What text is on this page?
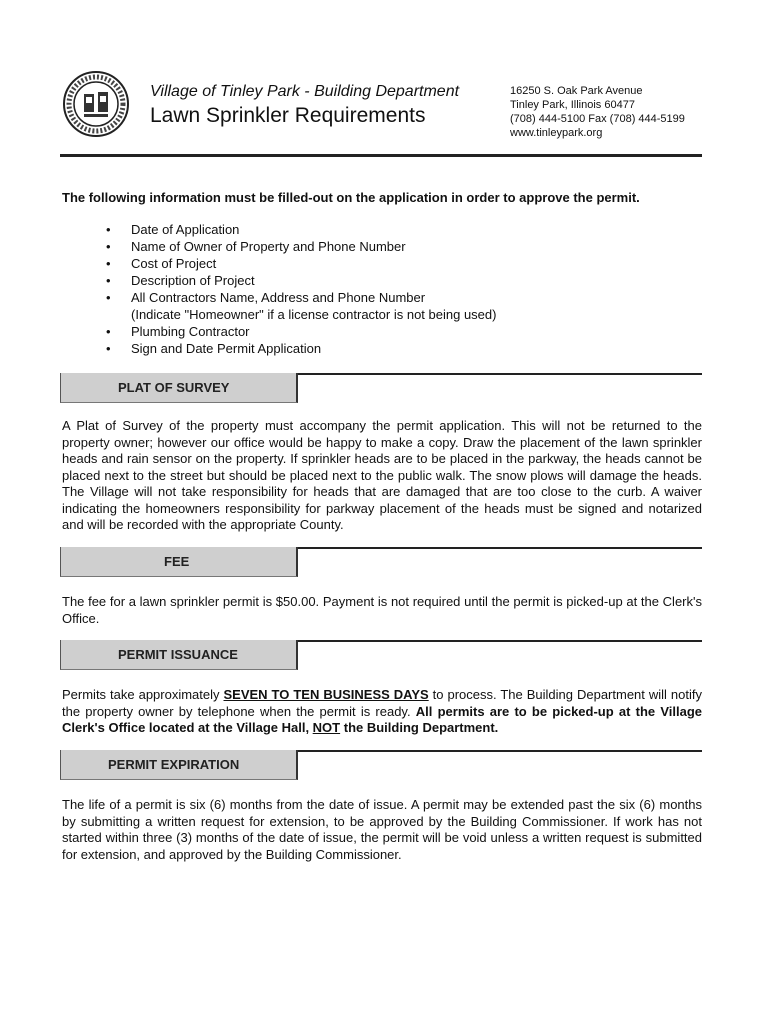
Village of Tinley Park - Building Department
Lawn Sprinkler Requirements
16250 S. Oak Park Avenue
Tinley Park, Illinois 60477
(708) 444-5100 Fax (708) 444-5199
www.tinleypark.org
The following information must be filled-out on the application in order to approve the permit.
• Date of Application
• Name of Owner of Property and Phone Number
• Cost of Project
• Description of Project
• All Contractors Name, Address and Phone Number
(Indicate "Homeowner" if a license contractor is not being used)
• Plumbing Contractor
• Sign and Date Permit Application
PLAT OF SURVEY
A Plat of Survey of the property must accompany the permit application. This will not be returned to the property owner; however our office would be happy to make a copy. Draw the placement of the lawn sprinkler heads and rain sensor on the property. If sprinkler heads are to be placed in the parkway, the heads cannot be placed next to the street but should be placed next to the public walk. The snow plows will damage the heads. The Village will not take responsibility for heads that are damaged that are too close to the curb. A waiver indicating the homeowners responsibility for parkway placement of the heads must be signed and notarized and will be recorded with the appropriate County.
FEE
The fee for a lawn sprinkler permit is $50.00. Payment is not required until the permit is picked-up at the Clerk's Office.
PERMIT ISSUANCE
Permits take approximately SEVEN TO TEN BUSINESS DAYS to process. The Building Department will notify the property owner by telephone when the permit is ready. All permits are to be picked-up at the Village Clerk's Office located at the Village Hall, NOT the Building Department.
PERMIT EXPIRATION
The life of a permit is six (6) months from the date of issue. A permit may be extended past the six (6) months by submitting a written request for extension, to be approved by the Building Commissioner. If work has not started within three (3) months of the date of issue, the permit will be void unless a written request is submitted for extension, and approved by the Building Commissioner.
